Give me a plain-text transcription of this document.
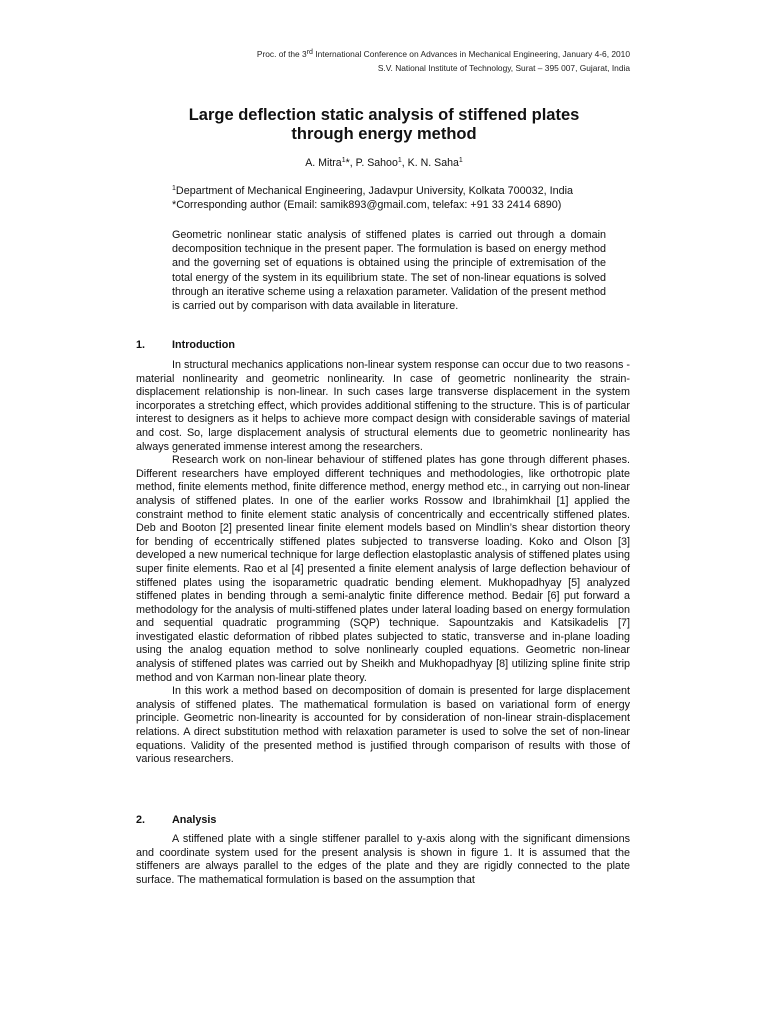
Proc. of the 3rd International Conference on Advances in Mechanical Engineering, January 4-6, 2010
S.V. National Institute of Technology, Surat – 395 007, Gujarat, India
Large deflection static analysis of stiffened plates
through energy method
A. Mitra$^1$*, P. Sahoo$^1$, K. N. Saha$^1$
$^1$Department of Mechanical Engineering, Jadavpur University, Kolkata 700032, India
*Corresponding author (Email: samik893@gmail.com, telefax: +91 33 2414 6890)
Geometric nonlinear static analysis of stiffened plates is carried out through a domain decomposition technique in the present paper. The formulation is based on energy method and the governing set of equations is obtained using the principle of extremisation of the total energy of the system in its equilibrium state. The set of non-linear equations is solved through an iterative scheme using a relaxation parameter. Validation of the present method is carried out by comparison with data available in literature.
1. Introduction

In structural mechanics applications non-linear system response can occur due to two reasons - material nonlinearity and geometric nonlinearity. In case of geometric nonlinearity the strain-displacement relationship is non-linear. In such cases large transverse displacement in the system incorporates a stretching effect, which provides additional stiffening to the structure. This is of particular interest to designers as it helps to achieve more compact design with considerable savings of material and cost. So, large displacement analysis of structural elements due to geometric nonlinearity has always generated immense interest among the researchers.

Research work on non-linear behaviour of stiffened plates has gone through different phases. Different researchers have employed different techniques and methodologies, like orthotropic plate method, finite elements method, finite difference method, energy method etc., in carrying out non-linear analysis of stiffened plates. In one of the earlier works Rossow and Ibrahimkhail [1] applied the constraint method to finite element static analysis of concentrically and eccentrically stiffened plates. Deb and Booton [2] presented linear finite element models based on Mindlin’s shear distortion theory for bending of eccentrically stiffened plates subjected to transverse loading. Koko and Olson [3] developed a new numerical technique for large deflection elastoplastic analysis of stiffened plates using super finite elements. Rao et al [4] presented a finite element analysis of large deflection behaviour of stiffened plates using the isoparametric quadratic bending element. Mukhopadhyay [5] analyzed stiffened plates in bending through a semi-analytic finite difference method. Bedair [6] put forward a methodology for the analysis of multi-stiffened plates under lateral loading based on energy formulation and sequential quadratic programming (SQP) technique. Sapountzakis and Katsikadelis [7] investigated elastic deformation of ribbed plates subjected to static, transverse and in-plane loading using the analog equation method to solve nonlinearly coupled equations. Geometric non-linear analysis of stiffened plates was carried out by Sheikh and Mukhopadhyay [8] utilizing spline finite strip method and von Karman non-linear plate theory.

In this work a method based on decomposition of domain is presented for large displacement analysis of stiffened plates. The mathematical formulation is based on variational form of energy principle. Geometric non-linearity is accounted for by consideration of non-linear strain-displacement relations. A direct substitution method with relaxation parameter is used to solve the set of non-linear equations. Validity of the presented method is justified through comparison of results with those of various researchers.

2. Analysis

A stiffened plate with a single stiffener parallel to y-axis along with the significant dimensions and coordinate system used for the present analysis is shown in figure 1. It is assumed that the stiffeners are always parallel to the edges of the plate and they are rigidly connected to the plate surface. The mathematical formulation is based on the assumption that
